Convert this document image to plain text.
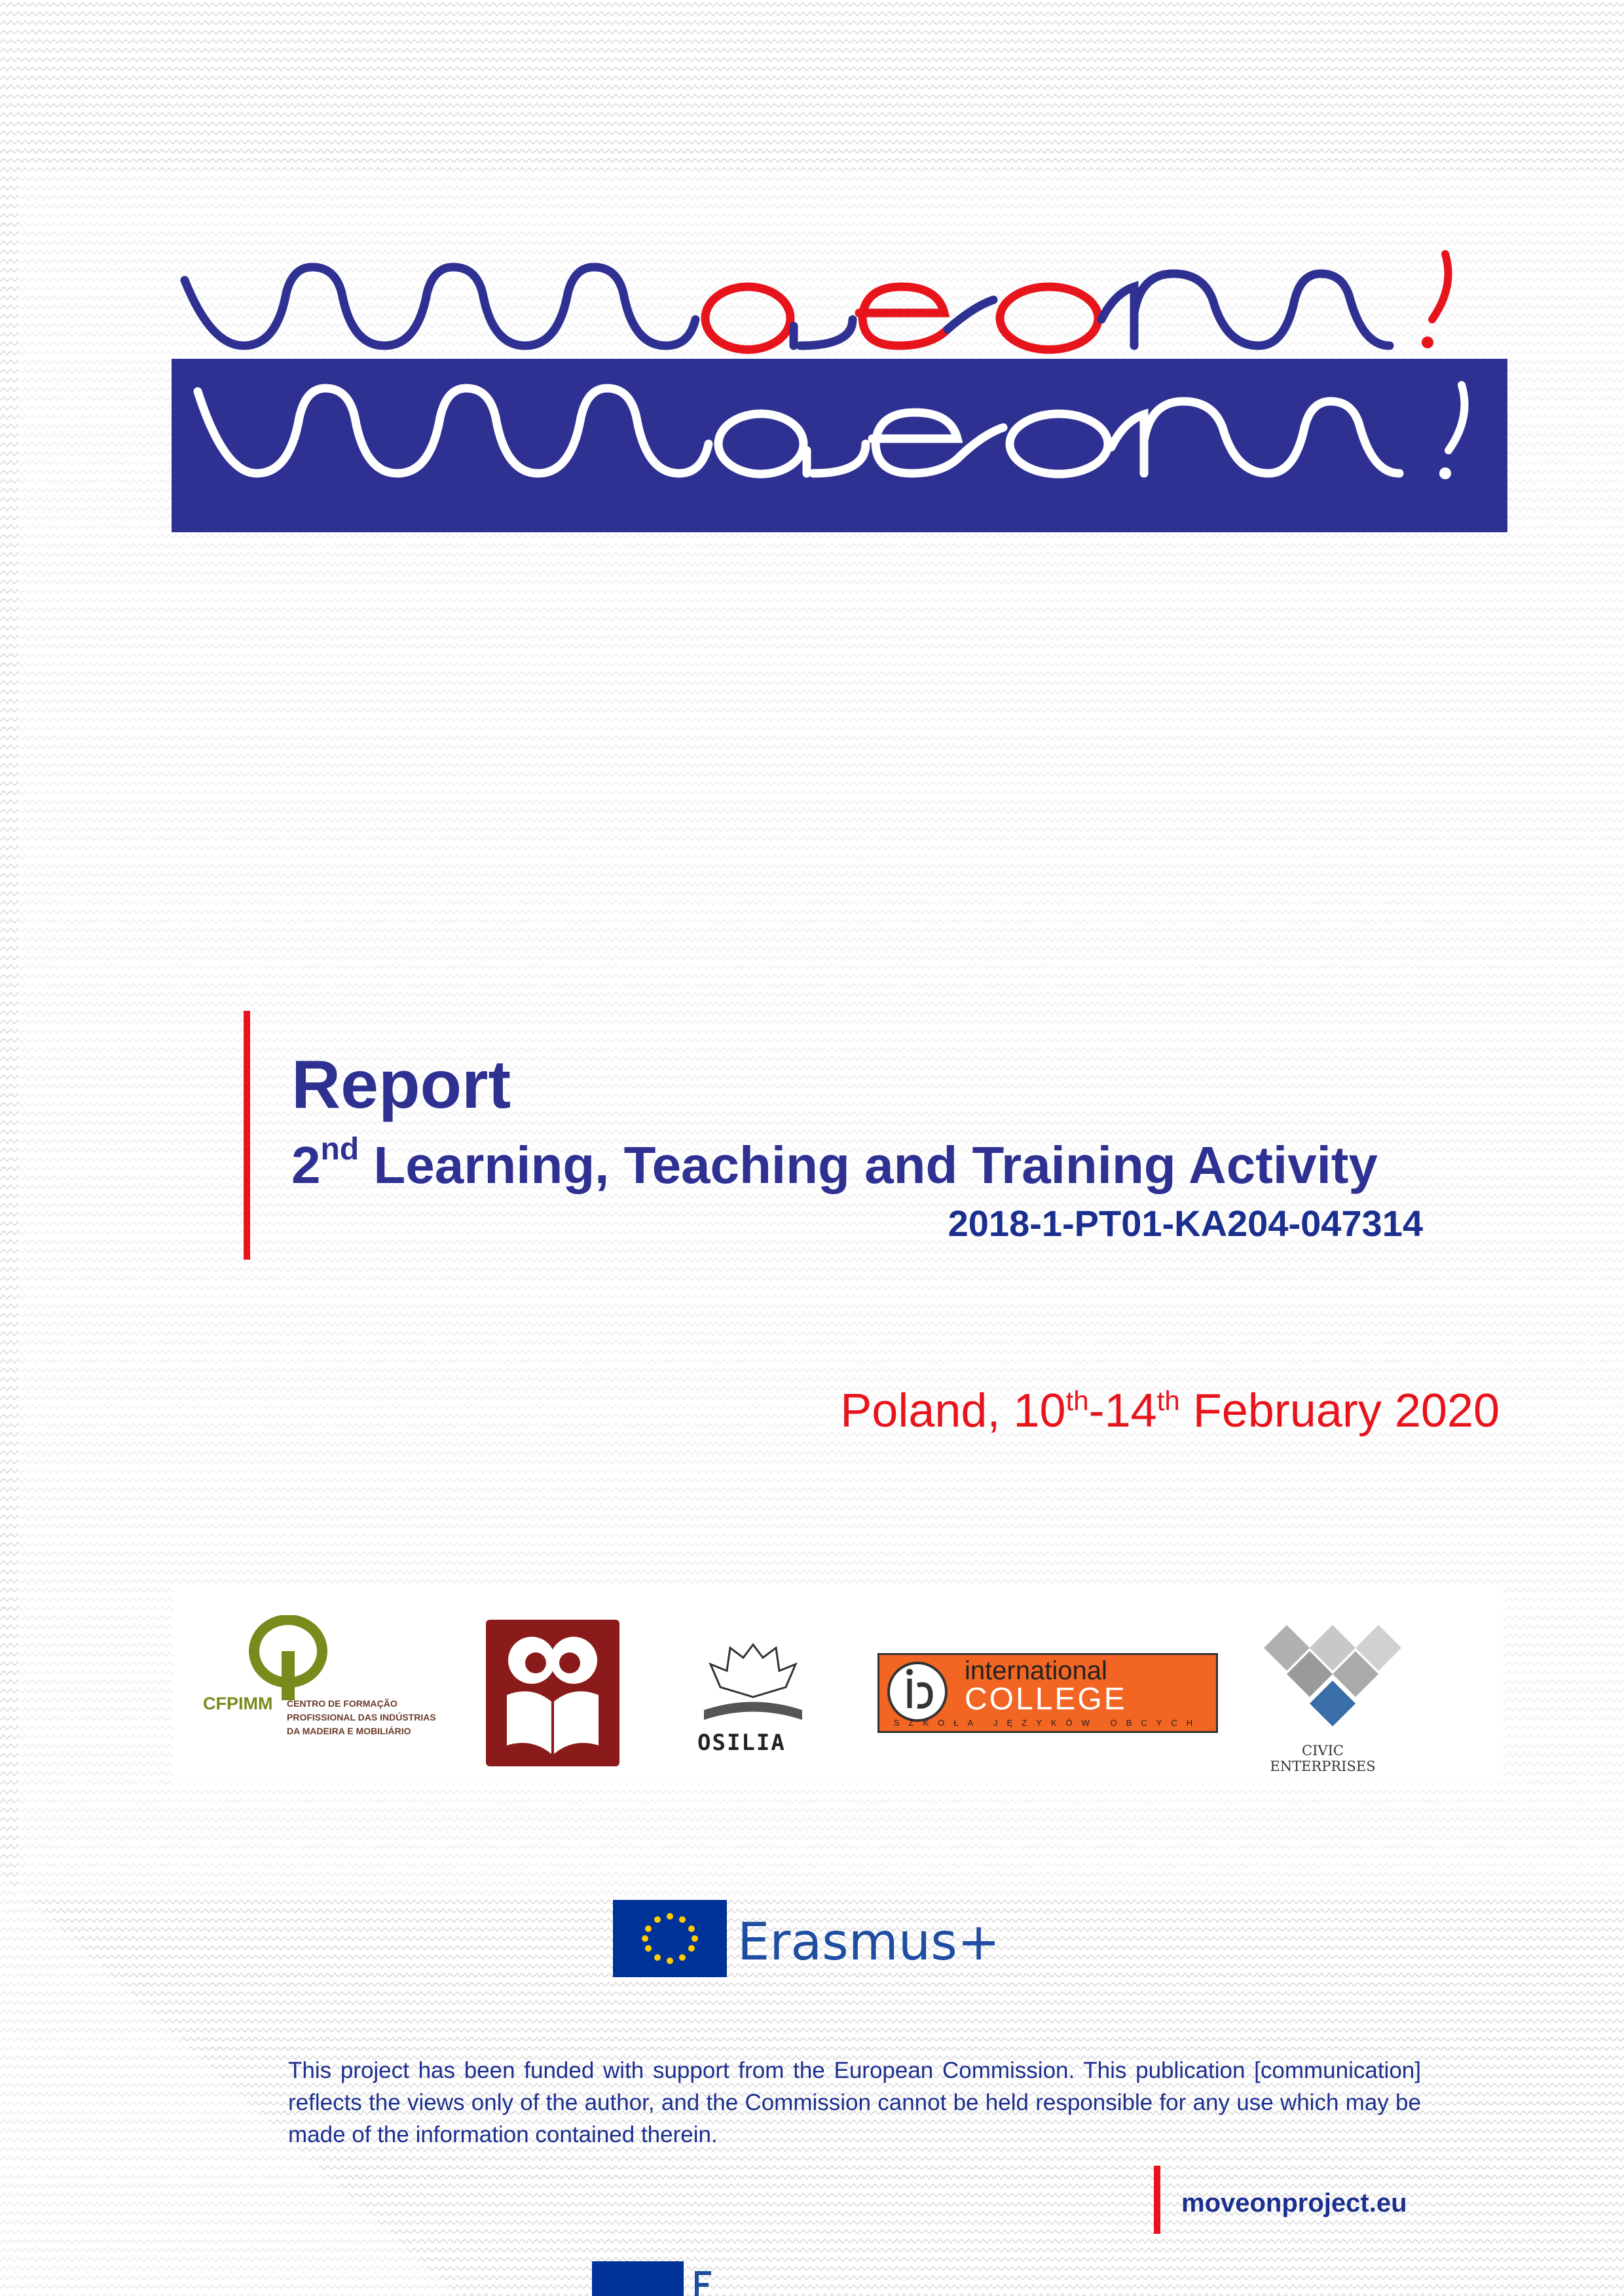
Report
2nd Learning, Teaching and Training Activity
2018-1-PT01-KA204-047314
Poland, 10th-14th February 2020
CFPIMM CENTRO DE FORMAÇÃO
PROFISSIONAL DAS INDÚSTRIAS
DA MADEIRA E MOBILIÁRIO	OSILIA
international
COLLEGE
SZKOŁA JĘZYKÓW OBCYCH
CIVIC ENTERPRISES
Erasmus+
This project has been funded with support from the European Commission. This publication [communication] reflects the views only of the author, and the Commission cannot be held responsible for any use which may be made of the information contained therein.
moveonproject.eu
